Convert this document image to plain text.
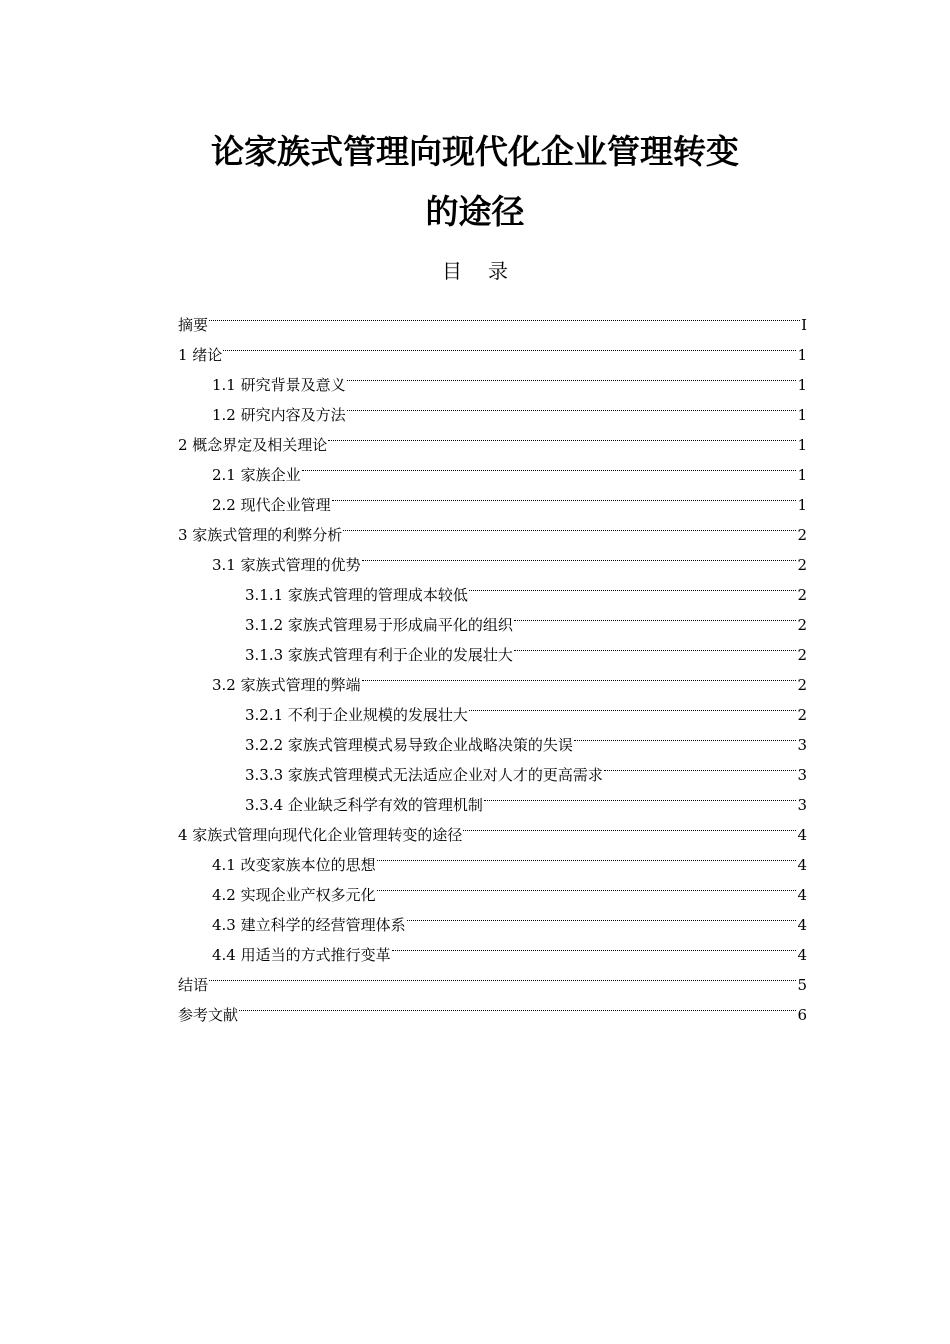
论家族式管理向现代化企业管理转变
的途径
目 录
摘要	I
1 绪论	1
1.1 研究背景及意义	1
1.2 研究内容及方法	1
2 概念界定及相关理论	1
2.1 家族企业	1
2.2 现代企业管理	1
3 家族式管理的利弊分析	2
3.1 家族式管理的优势	2
3.1.1 家族式管理的管理成本较低	2
3.1.2 家族式管理易于形成扁平化的组织	2
3.1.3 家族式管理有利于企业的发展壮大	2
3.2 家族式管理的弊端	2
3.2.1 不利于企业规模的发展壮大	2
3.2.2 家族式管理模式易导致企业战略决策的失误	3
3.3.3 家族式管理模式无法适应企业对人才的更高需求	3
3.3.4 企业缺乏科学有效的管理机制	3
4 家族式管理向现代化企业管理转变的途径	4
4.1 改变家族本位的思想	4
4.2 实现企业产权多元化	4
4.3 建立科学的经营管理体系	4
4.4 用适当的方式推行变革	4
结语	5
参考文献	6
